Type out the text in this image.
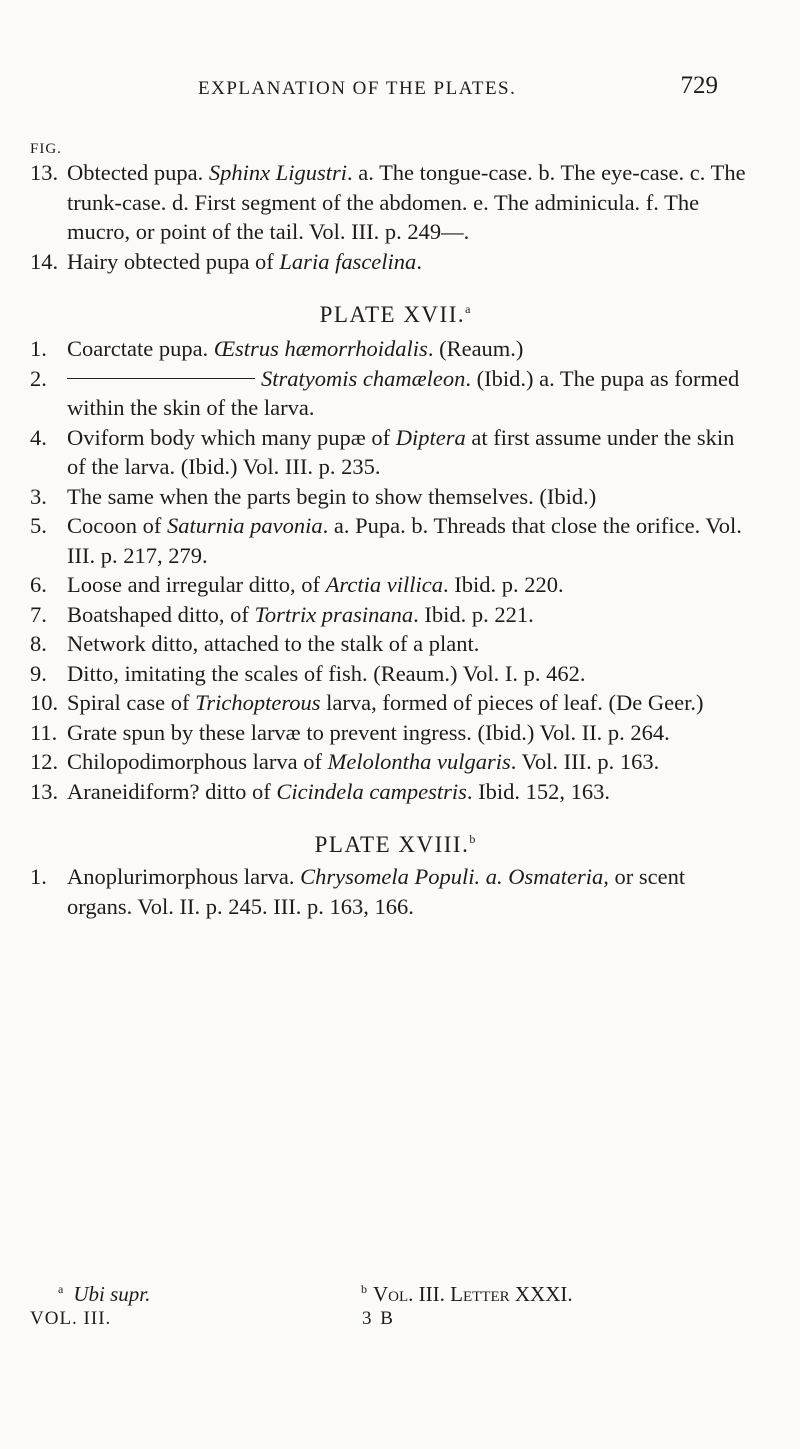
EXPLANATION OF THE PLATES.	729
FIG.

13. Obtected pupa. Sphinx Ligustri. a. The tongue-case. b. The eye-case. c. The trunk-case. d. First segment of the abdomen. e. The adminicula. f. The mucro, or point of the tail. Vol. III. p. 249—.

14. Hairy obtected pupa of Laria fascelina.

PLATE XVII.$^a$

1. Coarctate pupa. Œstrus hæmorrhoidalis. (Reaum.)

2.	Stratyomis chamæleon. (Ibid.) a. The pupa as formed within the skin of the larva.

4. Oviform body which many pupæ of Diptera at first assume under the skin of the larva. (Ibid.) Vol. III. p. 235.

3. The same when the parts begin to show themselves. (Ibid.)

5. Cocoon of Saturnia pavonia. a. Pupa. b. Threads that close the orifice. Vol. III. p. 217, 279.

6. Loose and irregular ditto, of Arctia villica. Ibid. p. 220.

7. Boatshaped ditto, of Tortrix prasinana. Ibid. p. 221.

8. Network ditto, attached to the stalk of a plant.

9. Ditto, imitating the scales of fish. (Reaum.) Vol. I. p. 462.

10. Spiral case of Trichopterous larva, formed of pieces of leaf. (De Geer.)

11. Grate spun by these larvæ to prevent ingress. (Ibid.) Vol. II. p. 264.

12. Chilopodimorphous larva of Melolontha vulgaris. Vol. III. p. 163.

13. Araneidiform? ditto of Cicindela campestris. Ibid. 152, 163.

PLATE XVIII.$^b$

1. Anoplurimorphous larva. Chrysomela Populi. a. Osmateria, or scent organs. Vol. II. p. 245. III. p. 163, 166.

$^a$ Ubi supr.	$^b$ Vol. III. Letter XXXI.
VOL. III.	3 B
